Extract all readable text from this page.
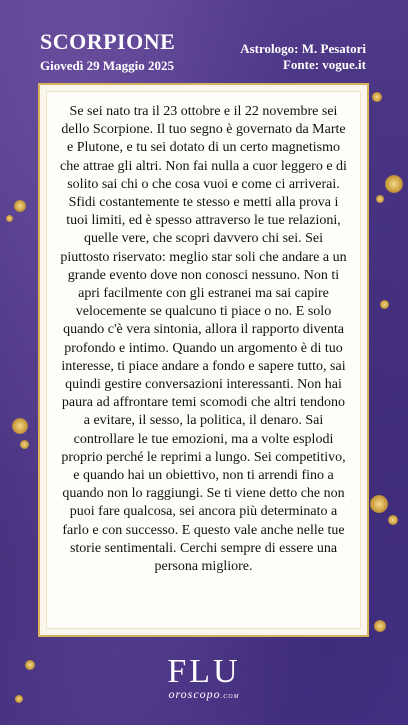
SCORPIONE
Giovedì 29 Maggio 2025
Astrologo: M. Pesatori
Fonte: vogue.it

Se sei nato tra il 23 ottobre e il 22 novembre sei dello Scorpione. Il tuo segno è governato da Marte e Plutone, e tu sei dotato di un certo magnetismo che attrae gli altri. Non fai nulla a cuor leggero e di solito sai chi o che cosa vuoi e come ci arriverai. Sfidi costantemente te stesso e metti alla prova i tuoi limiti, ed è spesso attraverso le tue relazioni, quelle vere, che scopri davvero chi sei. Sei piuttosto riservato: meglio star soli che andare a un grande evento dove non conosci nessuno. Non ti apri facilmente con gli estranei ma sai capire velocemente se qualcuno ti piace o no. E solo quando c'è vera sintonia, allora il rapporto diventa profondo e intimo. Quando un argomento è di tuo interesse, ti piace andare a fondo e sapere tutto, sai quindi gestire conversazioni interessanti. Non hai paura ad affrontare temi scomodi che altri tendono a evitare, il sesso, la politica, il denaro. Sai controllare le tue emozioni, ma a volte esplodi proprio perché le reprimi a lungo. Sei competitivo, e quando hai un obiettivo, non ti arrendi fino a quando non lo raggiungi. Se ti viene detto che non puoi fare qualcosa, sei ancora più determinato a farlo e con successo. E questo vale anche nelle tue storie sentimentali. Cerchi sempre di essere una persona migliore.

FLU
oroscopo.COM
